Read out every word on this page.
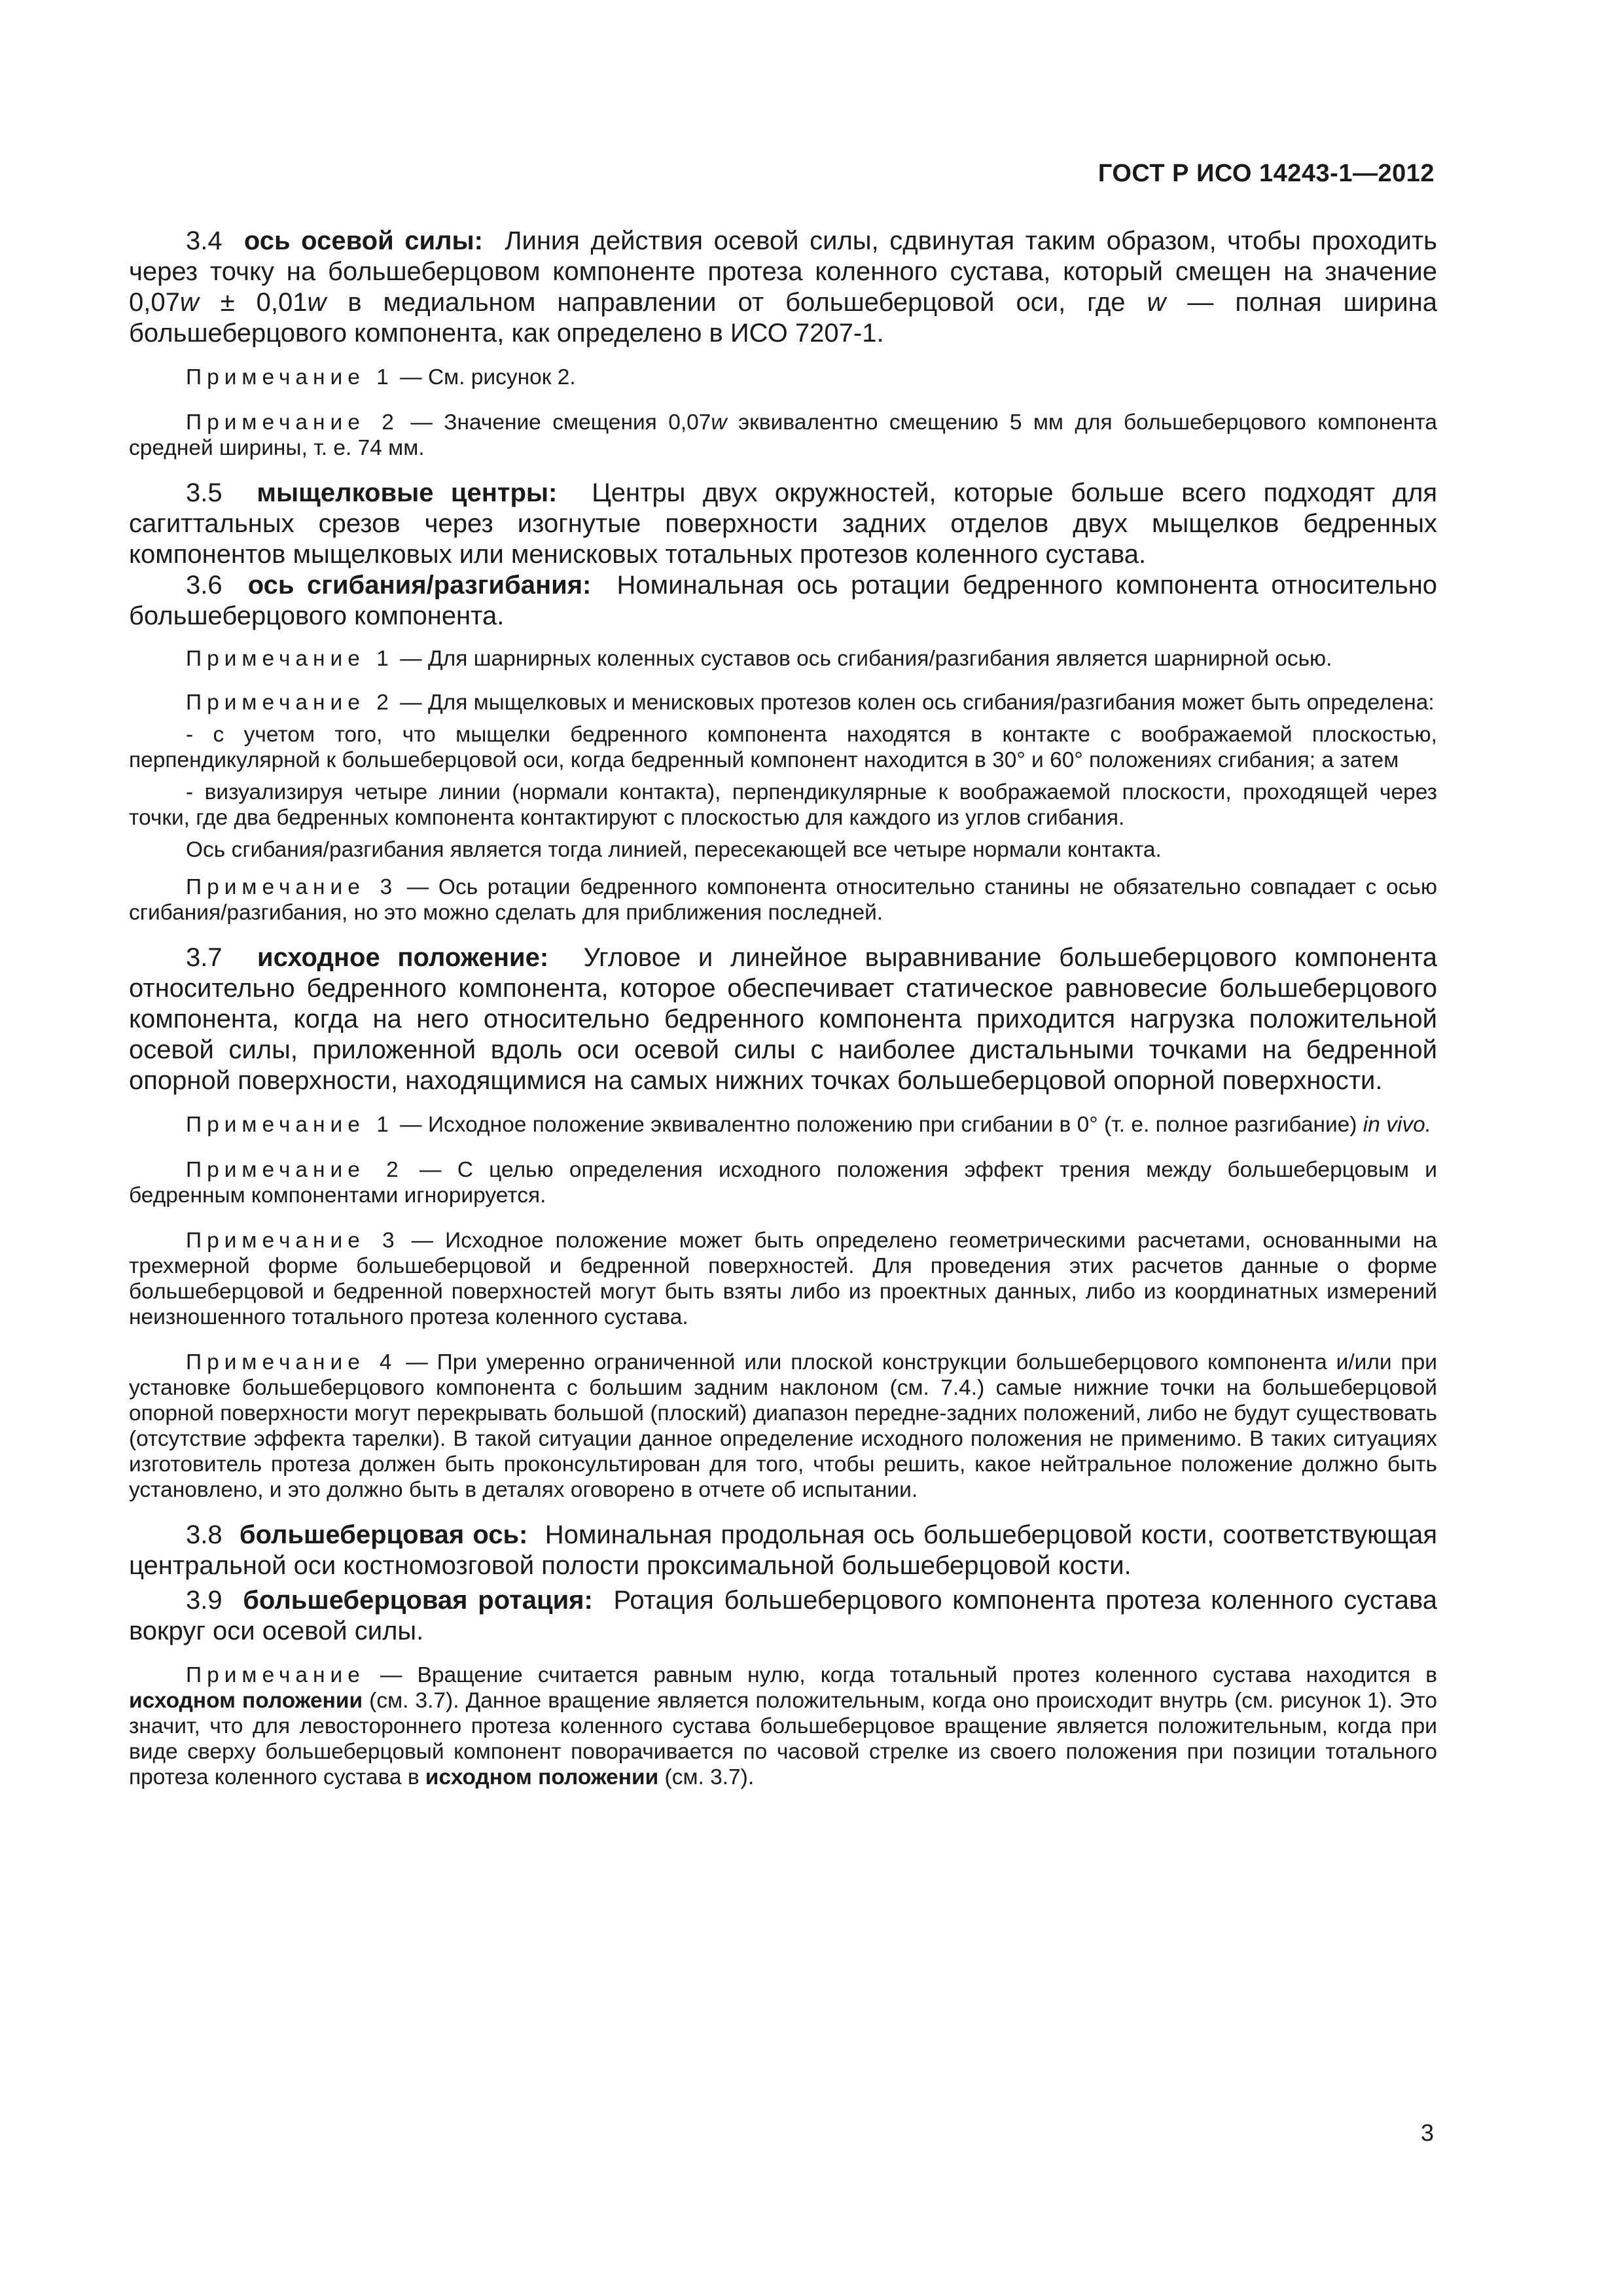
ГОСТ Р ИСО 14243-1—2012

3.4 ось осевой силы: Линия действия осевой силы, сдвинутая таким образом, чтобы проходить через точку на большеберцовом компоненте протеза коленного сустава, который смещен на значение 0,07w ± 0,01w в медиальном направлении от большеберцовой оси, где w — полная ширина большеберцового компонента, как определено в ИСО 7207-1.

Примечание 1 — См. рисунок 2.

Примечание 2 — Значение смещения 0,07w эквивалентно смещению 5 мм для большеберцового компонента средней ширины, т. е. 74 мм.

3.5 мыщелковые центры: Центры двух окружностей, которые больше всего подходят для сагиттальных срезов через изогнутые поверхности задних отделов двух мыщелков бедренных компонентов мыщелковых или менисковых тотальных протезов коленного сустава.

3.6 ось сгибания/разгибания: Номинальная ось ротации бедренного компонента относительно большеберцового компонента.

Примечание 1 — Для шарнирных коленных суставов ось сгибания/разгибания является шарнирной осью.

Примечание 2 — Для мыщелковых и менисковых протезов колен ось сгибания/разгибания может быть определена:

- с учетом того, что мыщелки бедренного компонента находятся в контакте с воображаемой плоскостью, перпендикулярной к большеберцовой оси, когда бедренный компонент находится в 30° и 60° положениях сгибания; а затем

- визуализируя четыре линии (нормали контакта), перпендикулярные к воображаемой плоскости, проходящей через точки, где два бедренных компонента контактируют с плоскостью для каждого из углов сгибания.

Ось сгибания/разгибания является тогда линией, пересекающей все четыре нормали контакта.

Примечание 3 — Ось ротации бедренного компонента относительно станины не обязательно совпадает с осью сгибания/разгибания, но это можно сделать для приближения последней.

3.7 исходное положение: Угловое и линейное выравнивание большеберцового компонента относительно бедренного компонента, которое обеспечивает статическое равновесие большеберцового компонента, когда на него относительно бедренного компонента приходится нагрузка положительной осевой силы, приложенной вдоль оси осевой силы с наиболее дистальными точками на бедренной опорной поверхности, находящимися на самых нижних точках большеберцовой опорной поверхности.

Примечание 1 — Исходное положение эквивалентно положению при сгибании в 0° (т. е. полное разгибание) in vivo.

Примечание 2 — С целью определения исходного положения эффект трения между большеберцовым и бедренным компонентами игнорируется.

Примечание 3 — Исходное положение может быть определено геометрическими расчетами, основанными на трехмерной форме большеберцовой и бедренной поверхностей. Для проведения этих расчетов данные о форме большеберцовой и бедренной поверхностей могут быть взяты либо из проектных данных, либо из координатных измерений неизношенного тотального протеза коленного сустава.

Примечание 4 — При умеренно ограниченной или плоской конструкции большеберцового компонента и/или при установке большеберцового компонента с большим задним наклоном (см. 7.4.) самые нижние точки на большеберцовой опорной поверхности могут перекрывать большой (плоский) диапазон передне-задних положений, либо не будут существовать (отсутствие эффекта тарелки). В такой ситуации данное определение исходного положения не применимо. В таких ситуациях изготовитель протеза должен быть проконсультирован для того, чтобы решить, какое нейтральное положение должно быть установлено, и это должно быть в деталях оговорено в отчете об испытании.

3.8 большеберцовая ось: Номинальная продольная ось большеберцовой кости, соответствующая центральной оси костномозговой полости проксимальной большеберцовой кости.

3.9 большеберцовая ротация: Ротация большеберцового компонента протеза коленного сустава вокруг оси осевой силы.

Примечание — Вращение считается равным нулю, когда тотальный протез коленного сустава находится в исходном положении (см. 3.7). Данное вращение является положительным, когда оно происходит внутрь (см. рисунок 1). Это значит, что для левостороннего протеза коленного сустава большеберцовое вращение является положительным, когда при виде сверху большеберцовый компонент поворачивается по часовой стрелке из своего положения при позиции тотального протеза коленного сустава в исходном положении (см. 3.7).

3
